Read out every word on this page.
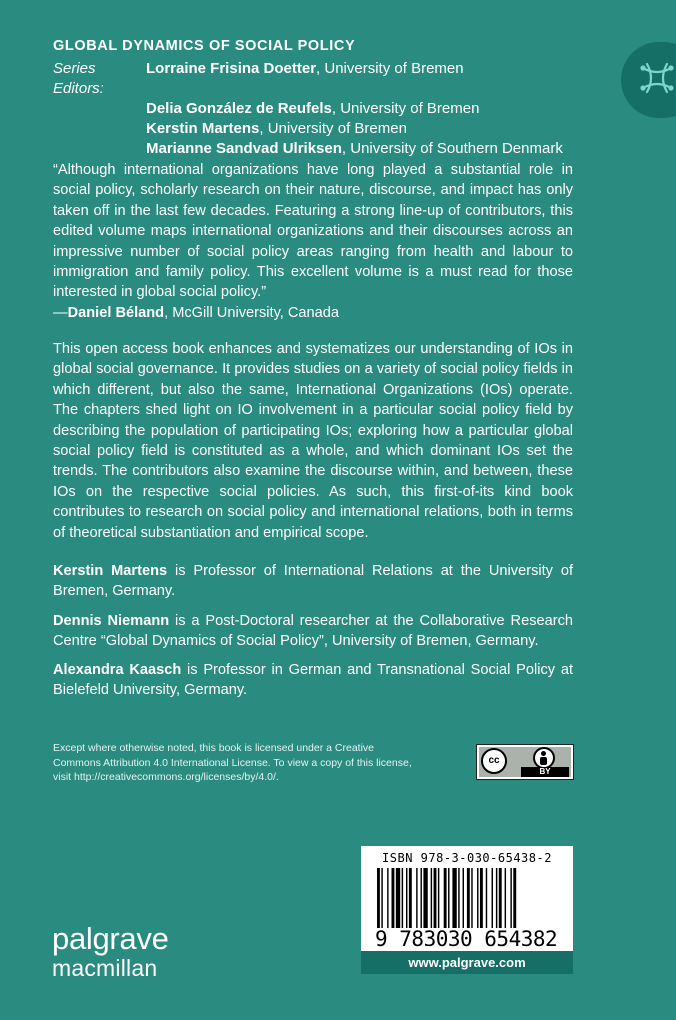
GLOBAL DYNAMICS OF SOCIAL POLICY
Series Editors:
Lorraine Frisina Doetter, University of Bremen
Delia González de Reufels, University of Bremen
Kerstin Martens, University of Bremen
Marianne Sandvad Ulriksen, University of Southern Denmark
“Although international organizations have long played a substantial role in social policy, scholarly research on their nature, discourse, and impact has only taken off in the last few decades. Featuring a strong line-up of contributors, this edited volume maps international organizations and their discourses across an impressive number of social policy areas ranging from health and labour to immigration and family policy. This excellent volume is a must read for those interested in global social policy.”
—Daniel Béland, McGill University, Canada
This open access book enhances and systematizes our understanding of IOs in global social governance. It provides studies on a variety of social policy fields in which different, but also the same, International Organizations (IOs) operate. The chapters shed light on IO involvement in a particular social policy field by describing the population of participating IOs; exploring how a particular global social policy field is constituted as a whole, and which dominant IOs set the trends. The contributors also examine the discourse within, and between, these IOs on the respective social policies. As such, this first-of-its kind book contributes to research on social policy and international relations, both in terms of theoretical substantiation and empirical scope.
Kerstin Martens is Professor of International Relations at the University of Bremen, Germany.
Dennis Niemann is a Post-Doctoral researcher at the Collaborative Research Centre “Global Dynamics of Social Policy”, University of Bremen, Germany.
Alexandra Kaasch is Professor in German and Transnational Social Policy at Bielefeld University, Germany.
Except where otherwise noted, this book is licensed under a Creative Commons Attribution 4.0 International License. To view a copy of this license, visit http://creativecommons.org/licenses/by/4.0/.
cc
BY
ISBN 978-3-030-65438-2
9 783030 654382
www.palgrave.com
palgrave
macmillan
